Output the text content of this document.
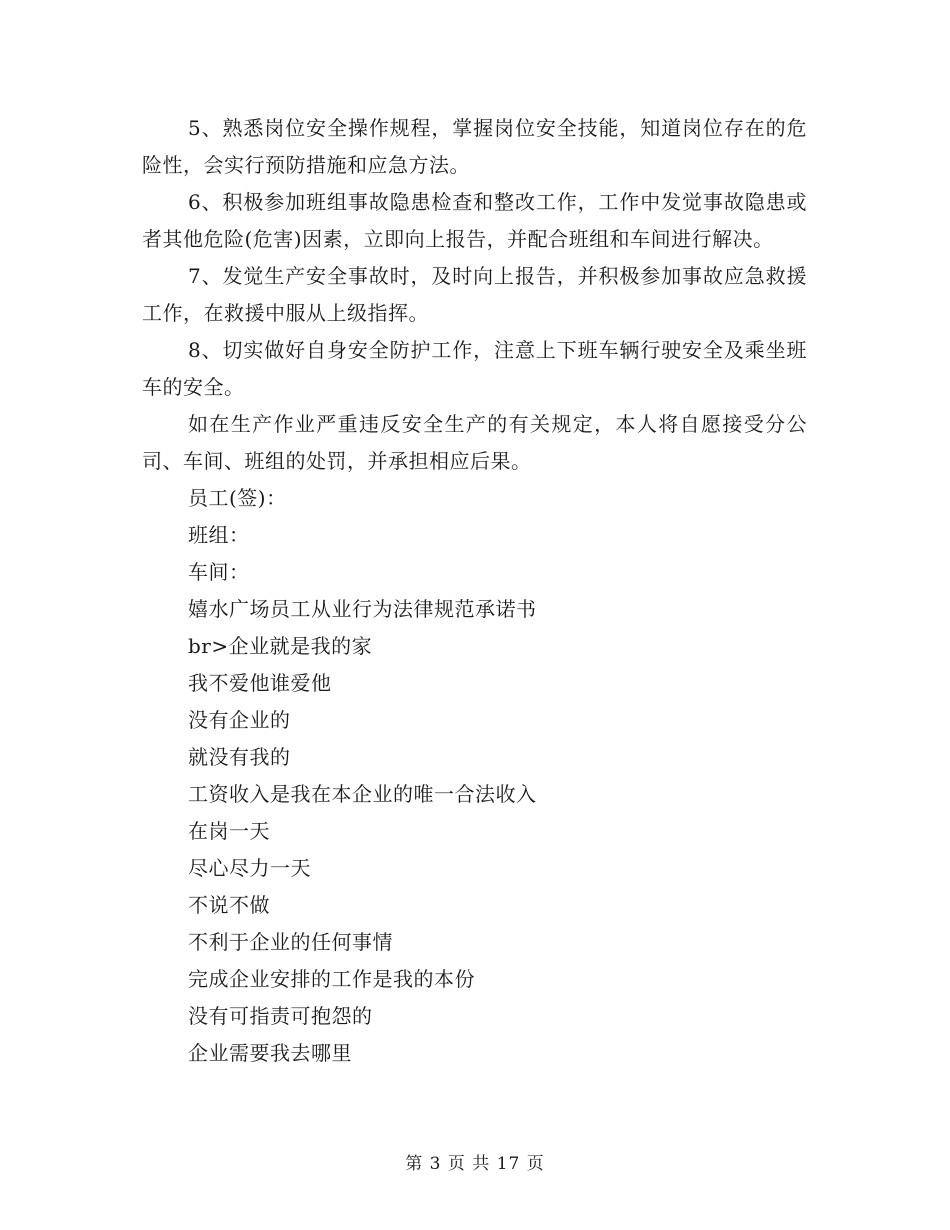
5、熟悉岗位安全操作规程，掌握岗位安全技能，知道岗位存在的危险性，会实行预防措施和应急方法。

6、积极参加班组事故隐患检查和整改工作，工作中发觉事故隐患或者其他危险(危害)因素，立即向上报告，并配合班组和车间进行解决。

7、发觉生产安全事故时，及时向上报告，并积极参加事故应急救援工作，在救援中服从上级指挥。

8、切实做好自身安全防护工作，注意上下班车辆行驶安全及乘坐班车的安全。

如在生产作业严重违反安全生产的有关规定，本人将自愿接受分公司、车间、班组的处罚，并承担相应后果。

员工(签)：

班组：

车间：

嬉水广场员工从业行为法律规范承诺书

br>企业就是我的家

我不爱他谁爱他

没有企业的

就没有我的

工资收入是我在本企业的唯一合法收入

在岗一天

尽心尽力一天

不说不做

不利于企业的任何事情

完成企业安排的工作是我的本份

没有可指责可抱怨的

企业需要我去哪里

第 3 页 共 17 页
